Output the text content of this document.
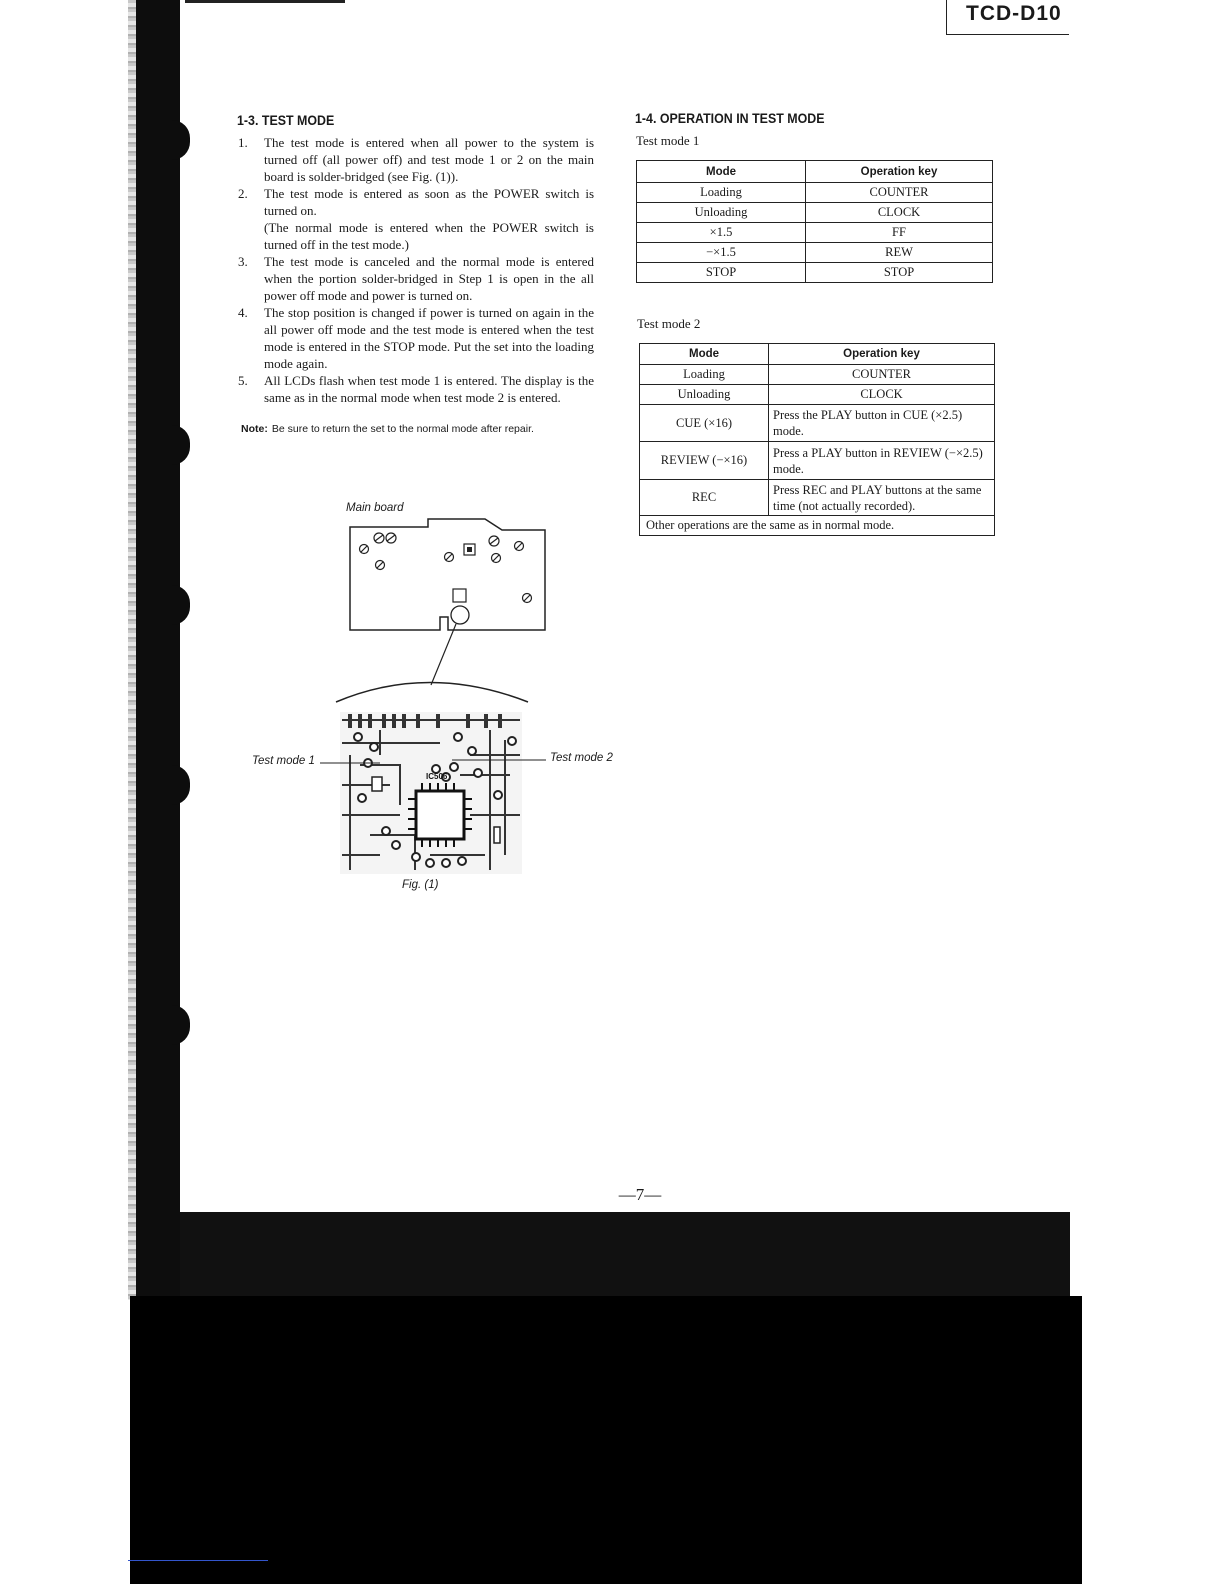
TCD-D10
1-3. TEST MODE
1. The test mode is entered when all power to the system is turned off (all power off) and test mode 1 or 2 on the main board is solder-bridged (see Fig. (1)).
2. The test mode is entered as soon as the POWER switch is turned on.
(The normal mode is entered when the POWER switch is turned off in the test mode.)
3. The test mode is canceled and the normal mode is entered when the portion solder-bridged in Step 1 is open in the all power off mode and power is turned on.
4. The stop position is changed if power is turned on again in the all power off mode and the test mode is entered when the test mode is entered in the STOP mode. Put the set into the loading mode again.
5. All LCDs flash when test mode 1 is entered. The display is the same as in the normal mode when test mode 2 is entered.
Note: Be sure to return the set to the normal mode after repair.
Main board
IC506
Test mode 1	Test mode 2
Fig. (1)
1-4. OPERATION IN TEST MODE
Test mode 1
Mode	Operation key
Loading	COUNTER
Unloading	CLOCK
×1.5	FF
−×1.5	REW
STOP	STOP
Test mode 2
Mode	Operation key
Loading	COUNTER
Unloading	CLOCK
CUE (×16)	Press the PLAY button in CUE (×2.5) mode.
REVIEW (−×16)	Press a PLAY button in REVIEW (−×2.5) mode.
REC	Press REC and PLAY buttons at the same time (not actually recorded).
Other operations are the same as in normal mode.	
—7—
